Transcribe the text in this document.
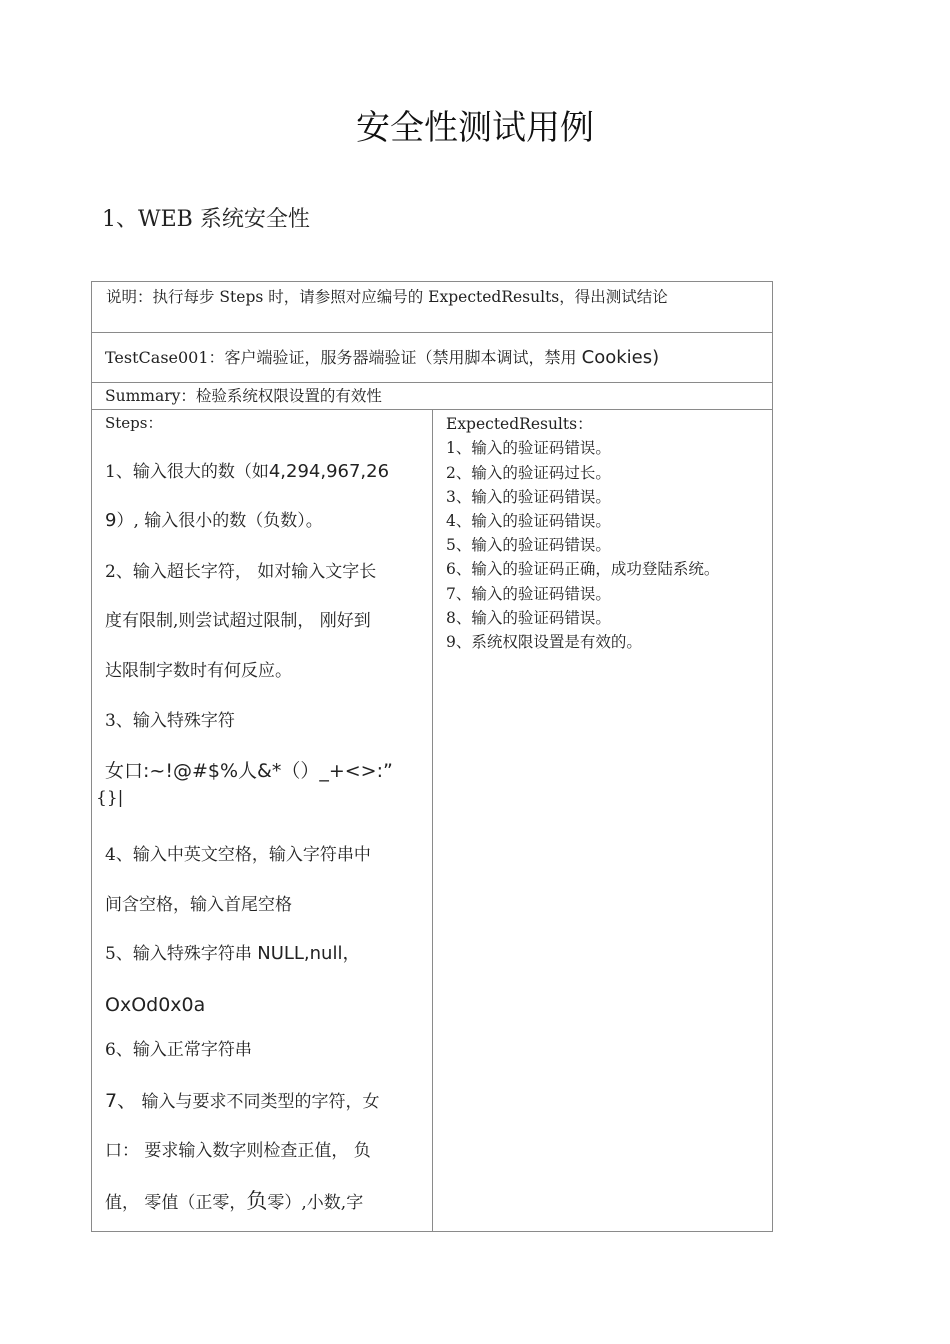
安全性测试用例
1、WEB 系统安全性
说明：执行每步 Steps 时，请参照对应编号的 ExpectedResults，得出测试结论

TestCase001：客户端验证，服务器端验证（禁用脚本调试，禁用 Cookies)

Summary：检验系统权限设置的有效性

Steps：
1、输入很大的数（如4,294,967,26
9）, 输入很小的数（负数）。
2、输入超长字符， 如对输入文字长
度有限制,则尝试超过限制， 刚好到
达限制字数时有何反应。
3、输入特殊字符
女口:~!@#$%人&*（）_+<>:”
{}|
4、输入中英文空格，输入字符串中
间含空格，输入首尾空格
5、输入特殊字符串 NULL,null，
OxOd0x0a
6、输入正常字符串
7、 输入与要求不同类型的字符，女
口： 要求输入数字则检查正值， 负
值， 零值（正零，负零）,小数,字

ExpectedResults：
1、输入的验证码错误。
2、输入的验证码过长。
3、输入的验证码错误。
4、输入的验证码错误。
5、输入的验证码错误。
6、输入的验证码正确，成功登陆系统。
7、输入的验证码错误。
8、输入的验证码错误。
9、系统权限设置是有效的。
